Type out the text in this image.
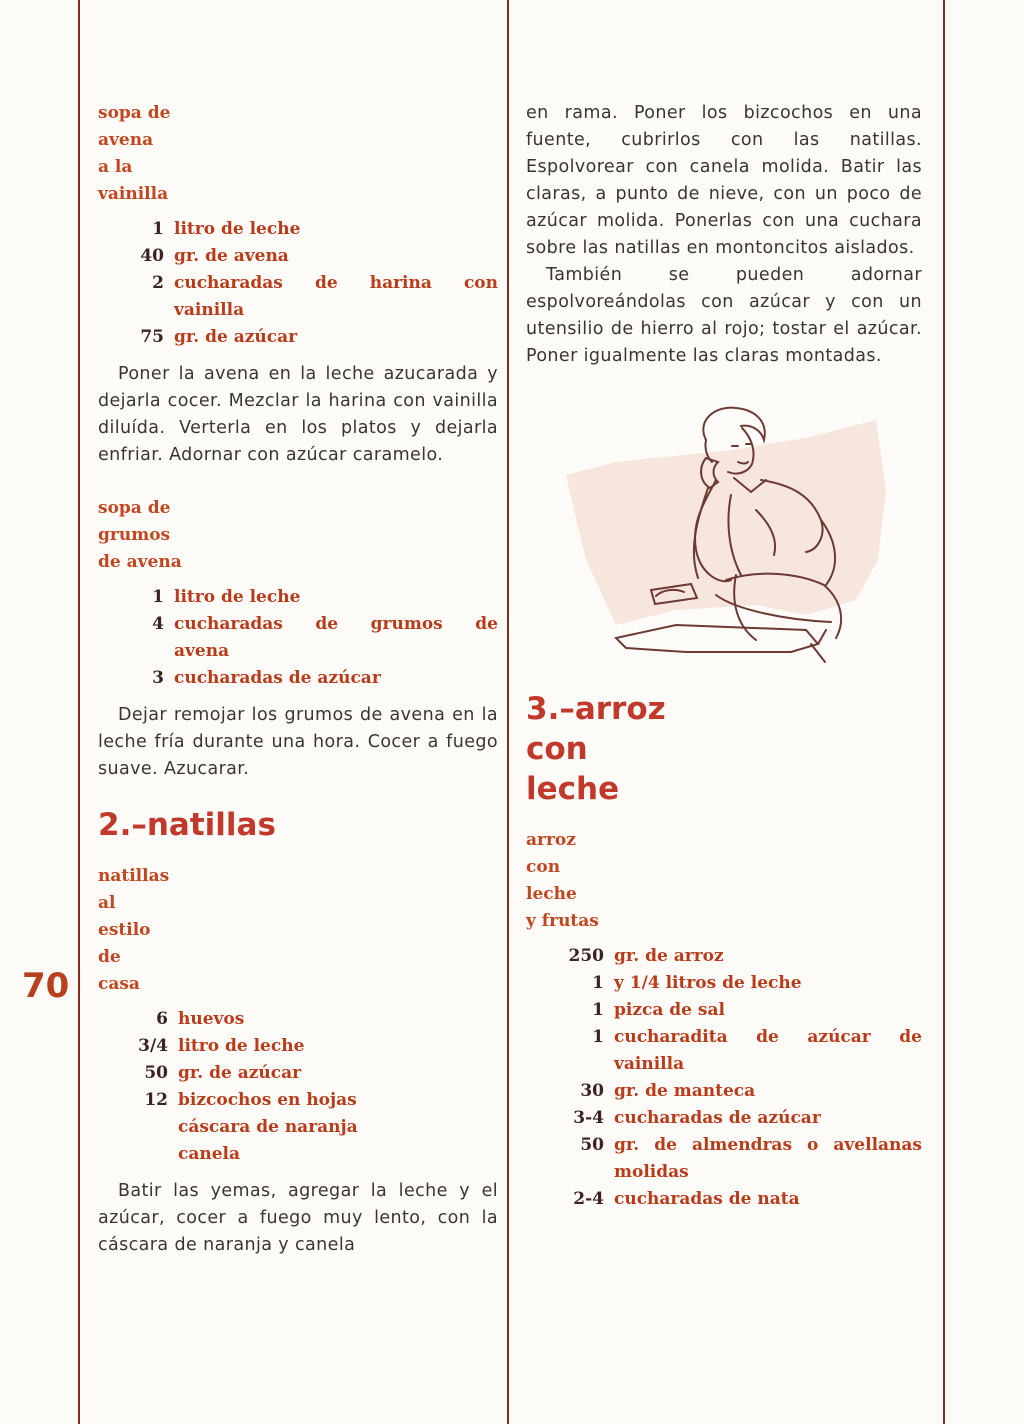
70

sopa de

avena

a la

vainilla

1 litro de leche
40 gr. de avena
2 cucharadas de harina con
vainilla
75 gr. de azúcar

Poner la avena en la leche azucarada y dejarla cocer. Mezclar la harina con vainilla diluída. Verterla en los platos y dejarla enfriar. Adornar con azúcar caramelo.

sopa de

grumos

de avena

1 litro de leche
4 cucharadas de grumos de
avena
3 cucharadas de azúcar

Dejar remojar los grumos de avena en la leche fría durante una hora. Cocer a fuego suave. Azucarar.

2.–natillas

natillas

al

estilo

de

casa

6 huevos
3/4 litro de leche
50 gr. de azúcar
12 bizcochos en hojas
cáscara de naranja
canela

Batir las yemas, agregar la leche y el azúcar, cocer a fuego muy lento, con la cáscara de naranja y canela

en rama. Poner los bizcochos en una fuente, cubrirlos con las natillas. Espolvorear con canela molida. Batir las claras, a punto de nieve, con un poco de azúcar molida. Ponerlas con una cuchara sobre las natillas en montoncitos aislados.

También se pueden adornar espolvoreándolas con azúcar y con un utensilio de hierro al rojo; tostar el azúcar. Poner igualmente las claras montadas.

3.–arroz

con

leche

arroz

con

leche

y frutas

250 gr. de arroz
1 y 1/4 litros de leche
1 pizca de sal
1 cucharadita de azúcar de
vainilla
30 gr. de manteca
3-4 cucharadas de azúcar
50 gr. de almendras o avellanas
molidas
2-4 cucharadas de nata
